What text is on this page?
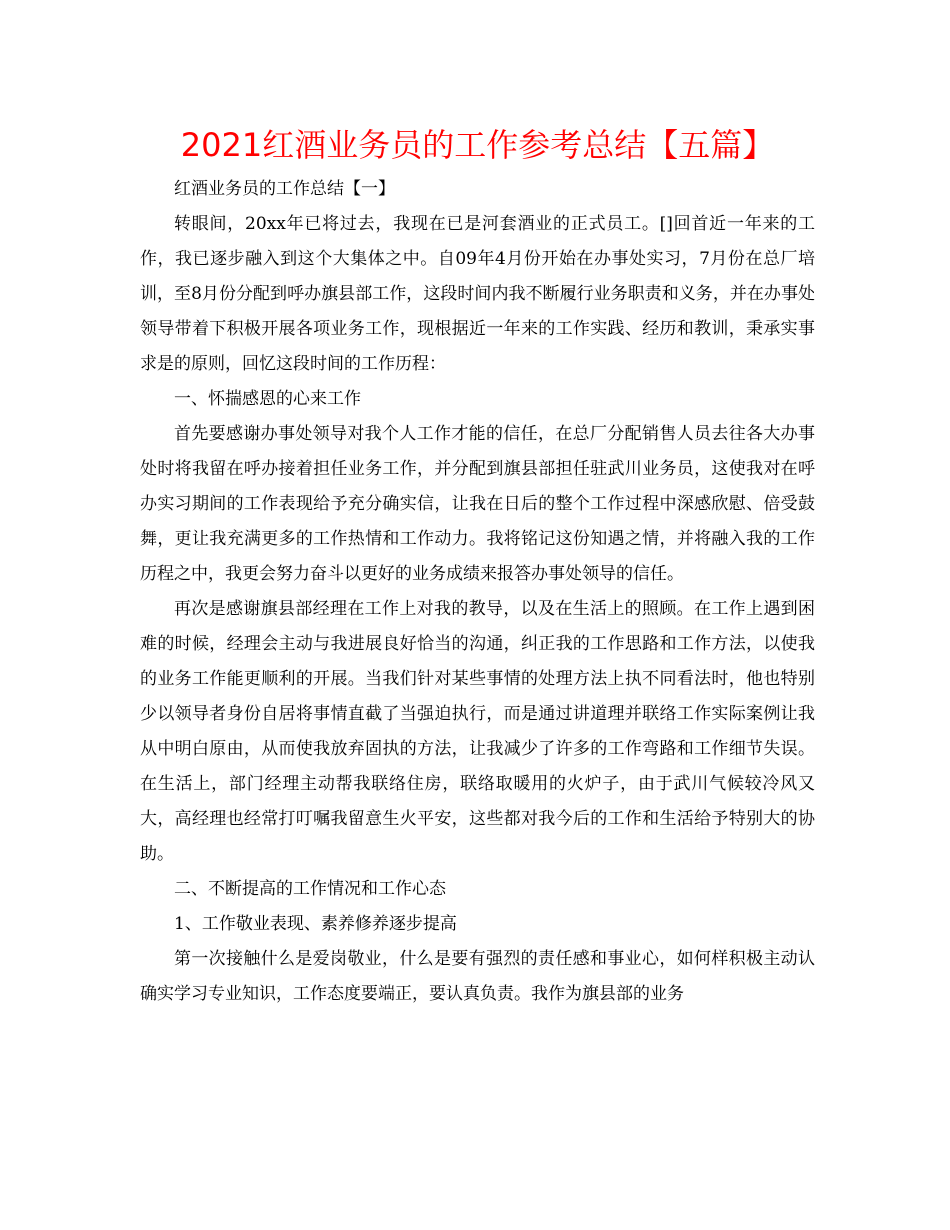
2021红酒业务员的工作参考总结【五篇】

红酒业务员的工作总结【一】

转眼间，20xx年已将过去，我现在已是河套酒业的正式员工。[]回首近一年来的工作，我已逐步融入到这个大集体之中。自09年4月份开始在办事处实习，7月份在总厂培训，至8月份分配到呼办旗县部工作，这段时间内我不断履行业务职责和义务，并在办事处领导带着下积极开展各项业务工作，现根据近一年来的工作实践、经历和教训，秉承实事求是的原则，回忆这段时间的工作历程：

一、怀揣感恩的心来工作

首先要感谢办事处领导对我个人工作才能的信任，在总厂分配销售人员去往各大办事处时将我留在呼办接着担任业务工作，并分配到旗县部担任驻武川业务员，这使我对在呼办实习期间的工作表现给予充分确实信，让我在日后的整个工作过程中深感欣慰、倍受鼓舞，更让我充满更多的工作热情和工作动力。我将铭记这份知遇之情，并将融入我的工作历程之中，我更会努力奋斗以更好的业务成绩来报答办事处领导的信任。

再次是感谢旗县部经理在工作上对我的教导，以及在生活上的照顾。在工作上遇到困难的时候，经理会主动与我进展良好恰当的沟通，纠正我的工作思路和工作方法，以使我的业务工作能更顺利的开展。当我们针对某些事情的处理方法上执不同看法时，他也特别少以领导者身份自居将事情直截了当强迫执行，而是通过讲道理并联络工作实际案例让我从中明白原由，从而使我放弃固执的方法，让我减少了许多的工作弯路和工作细节失误。在生活上，部门经理主动帮我联络住房，联络取暖用的火炉子，由于武川气候较冷风又大，高经理也经常打叮嘱我留意生火平安，这些都对我今后的工作和生活给予特别大的协助。

二、不断提高的工作情况和工作心态

1、工作敬业表现、素养修养逐步提高

第一次接触什么是爱岗敬业，什么是要有强烈的责任感和事业心，如何样积极主动认确实学习专业知识，工作态度要端正，要认真负责。我作为旗县部的业务
